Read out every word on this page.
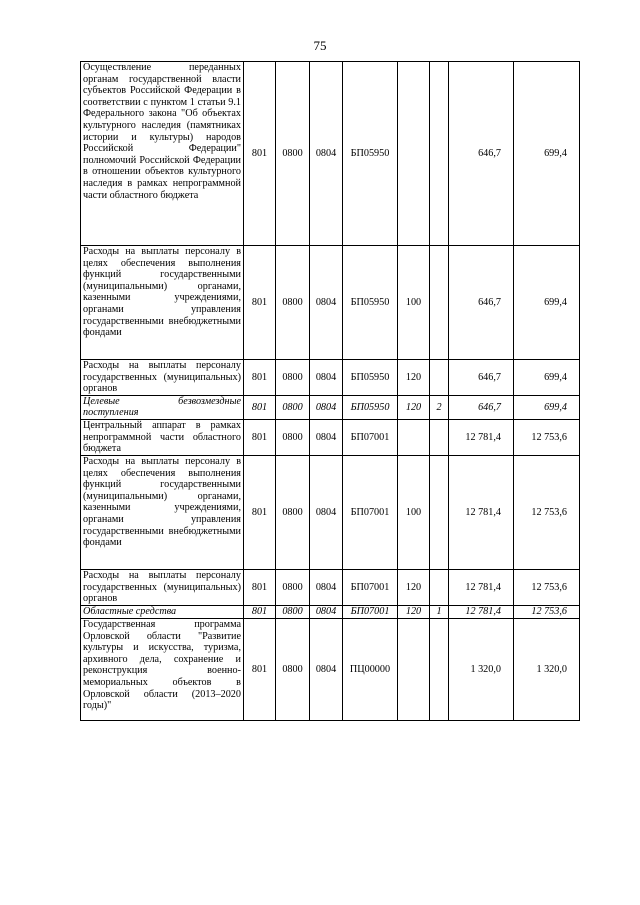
75
Осуществление переданных органам государственной власти субъектов Российской Федерации в соответствии с пунктом 1 статьи 9.1 Федерального закона "Об объектах культурного наследия (памятниках истории и культуры) народов Российской Федерации" полномочий Российской Федерации в отношении объектов культурного наследия в рамках непрограммной части областного бюджета	801	0800	0804	БП05950			646,7	699,4
Расходы на выплаты персоналу в целях обеспечения выполнения функций государственными (муниципальными) органами, казенными учреждениями, органами управления государственными внебюджетными фондами	801	0800	0804	БП05950	100		646,7	699,4
Расходы на выплаты персоналу государственных (муниципальных) органов	801	0800	0804	БП05950	120		646,7	699,4
Целевые безвозмездные поступления	801	0800	0804	БП05950	120	2	646,7	699,4
Центральный аппарат в рамках непрограммной части областного бюджета	801	0800	0804	БП07001			12 781,4	12 753,6
Расходы на выплаты персоналу в целях обеспечения выполнения функций государственными (муниципальными) органами, казенными учреждениями, органами управления государственными внебюджетными фондами	801	0800	0804	БП07001	100		12 781,4	12 753,6
Расходы на выплаты персоналу государственных (муниципальных) органов	801	0800	0804	БП07001	120		12 781,4	12 753,6
Областные средства	801	0800	0804	БП07001	120	1	12 781,4	12 753,6
Государственная программа Орловской области "Развитие культуры и искусства, туризма, архивного дела, сохранение и реконструкция военно-мемориальных объектов в Орловской области (2013–2020 годы)"	801	0800	0804	ПЦ00000			1 320,0	1 320,0
